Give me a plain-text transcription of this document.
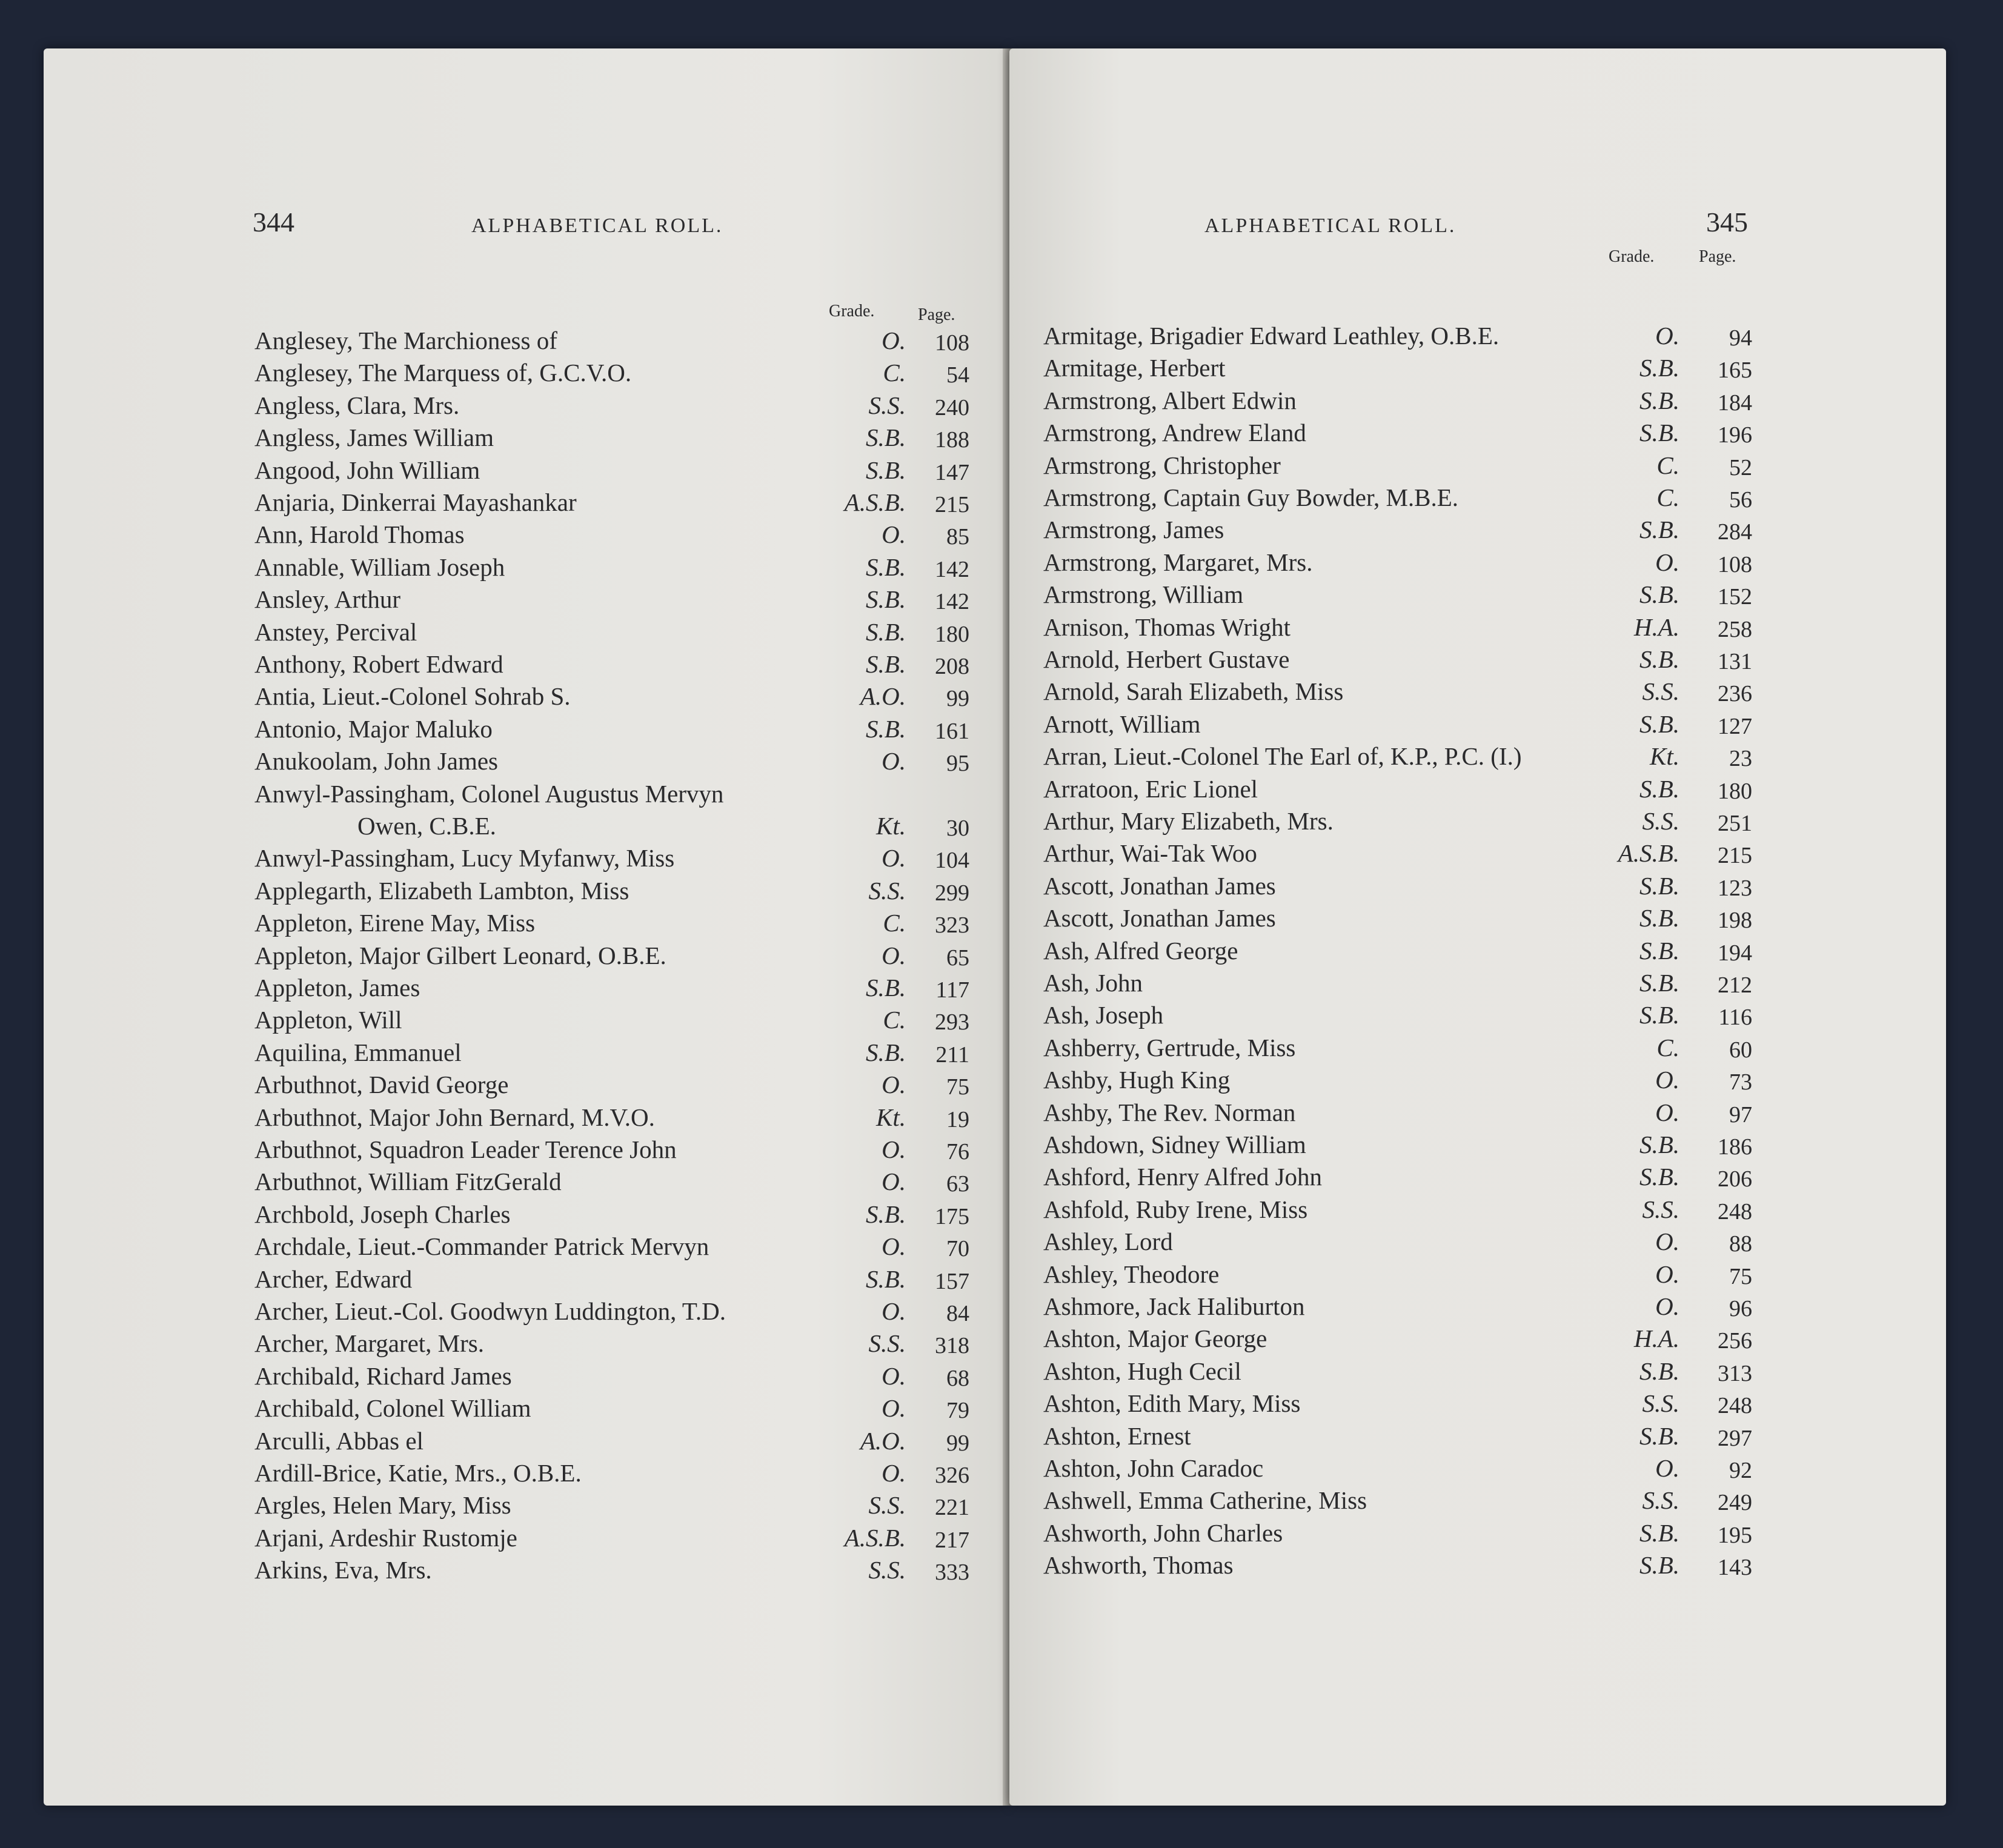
344	ALPHABETICAL ROLL.
Grade.	Page.
Anglesey, The Marchioness of	O. 108
Anglesey, The Marquess of, G.C.V.O.	C. 54
Angless, Clara, Mrs.	S.S. 240
Angless, James William	S.B. 188
Angood, John William	S.B. 147
Anjaria, Dinkerrai Mayashankar	A.S.B. 215
Ann, Harold Thomas	O. 85
Annable, William Joseph	S.B. 142
Ansley, Arthur	S.B. 142
Anstey, Percival	S.B. 180
Anthony, Robert Edward	S.B. 208
Antia, Lieut.-Colonel Sohrab S.	A.O. 99
Antonio, Major Maluko	S.B. 161
Anukoolam, John James	O. 95
Anwyl-Passingham, Colonel Augustus Mervyn
Owen, C.B.E.	Kt. 30
Anwyl-Passingham, Lucy Myfanwy, Miss	O. 104
Applegarth, Elizabeth Lambton, Miss	S.S. 299
Appleton, Eirene May, Miss	C. 323
Appleton, Major Gilbert Leonard, O.B.E.	O. 65
Appleton, James	S.B. 117
Appleton, Will	C. 293
Aquilina, Emmanuel	S.B. 211
Arbuthnot, David George	O. 75
Arbuthnot, Major John Bernard, M.V.O.	Kt. 19
Arbuthnot, Squadron Leader Terence John	O. 76
Arbuthnot, William FitzGerald	O. 63
Archbold, Joseph Charles	S.B. 175
Archdale, Lieut.-Commander Patrick Mervyn	O. 70
Archer, Edward	S.B. 157
Archer, Lieut.-Col. Goodwyn Luddington, T.D.	O. 84
Archer, Margaret, Mrs.	S.S. 318
Archibald, Richard James	O. 68
Archibald, Colonel William	O. 79
Arculli, Abbas el	A.O. 99
Ardill-Brice, Katie, Mrs., O.B.E.	O. 326
Argles, Helen Mary, Miss	S.S. 221
Arjani, Ardeshir Rustomje	A.S.B. 217
Arkins, Eva, Mrs.	S.S. 333
ALPHABETICAL ROLL.	345
Grade.	Page.
Armitage, Brigadier Edward Leathley, O.B.E.	O. 94
Armitage, Herbert	S.B. 165
Armstrong, Albert Edwin	S.B. 184
Armstrong, Andrew Eland	S.B. 196
Armstrong, Christopher	C. 52
Armstrong, Captain Guy Bowder, M.B.E.	C. 56
Armstrong, James	S.B. 284
Armstrong, Margaret, Mrs.	O. 108
Armstrong, William	S.B. 152
Arnison, Thomas Wright	H.A. 258
Arnold, Herbert Gustave	S.B. 131
Arnold, Sarah Elizabeth, Miss	S.S. 236
Arnott, William	S.B. 127
Arran, Lieut.-Colonel The Earl of, K.P., P.C. (I.)	Kt. 23
Arratoon, Eric Lionel	S.B. 180
Arthur, Mary Elizabeth, Mrs.	S.S. 251
Arthur, Wai-Tak Woo	A.S.B. 215
Ascott, Jonathan James	S.B. 123
Ascott, Jonathan James	S.B. 198
Ash, Alfred George	S.B. 194
Ash, John	S.B. 212
Ash, Joseph	S.B. 116
Ashberry, Gertrude, Miss	C. 60
Ashby, Hugh King	O. 73
Ashby, The Rev. Norman	O. 97
Ashdown, Sidney William	S.B. 186
Ashford, Henry Alfred John	S.B. 206
Ashfold, Ruby Irene, Miss	S.S. 248
Ashley, Lord	O. 88
Ashley, Theodore	O. 75
Ashmore, Jack Haliburton	O. 96
Ashton, Major George	H.A. 256
Ashton, Hugh Cecil	S.B. 313
Ashton, Edith Mary, Miss	S.S. 248
Ashton, Ernest	S.B. 297
Ashton, John Caradoc	O. 92
Ashwell, Emma Catherine, Miss	S.S. 249
Ashworth, John Charles	S.B. 195
Ashworth, Thomas	S.B. 143
